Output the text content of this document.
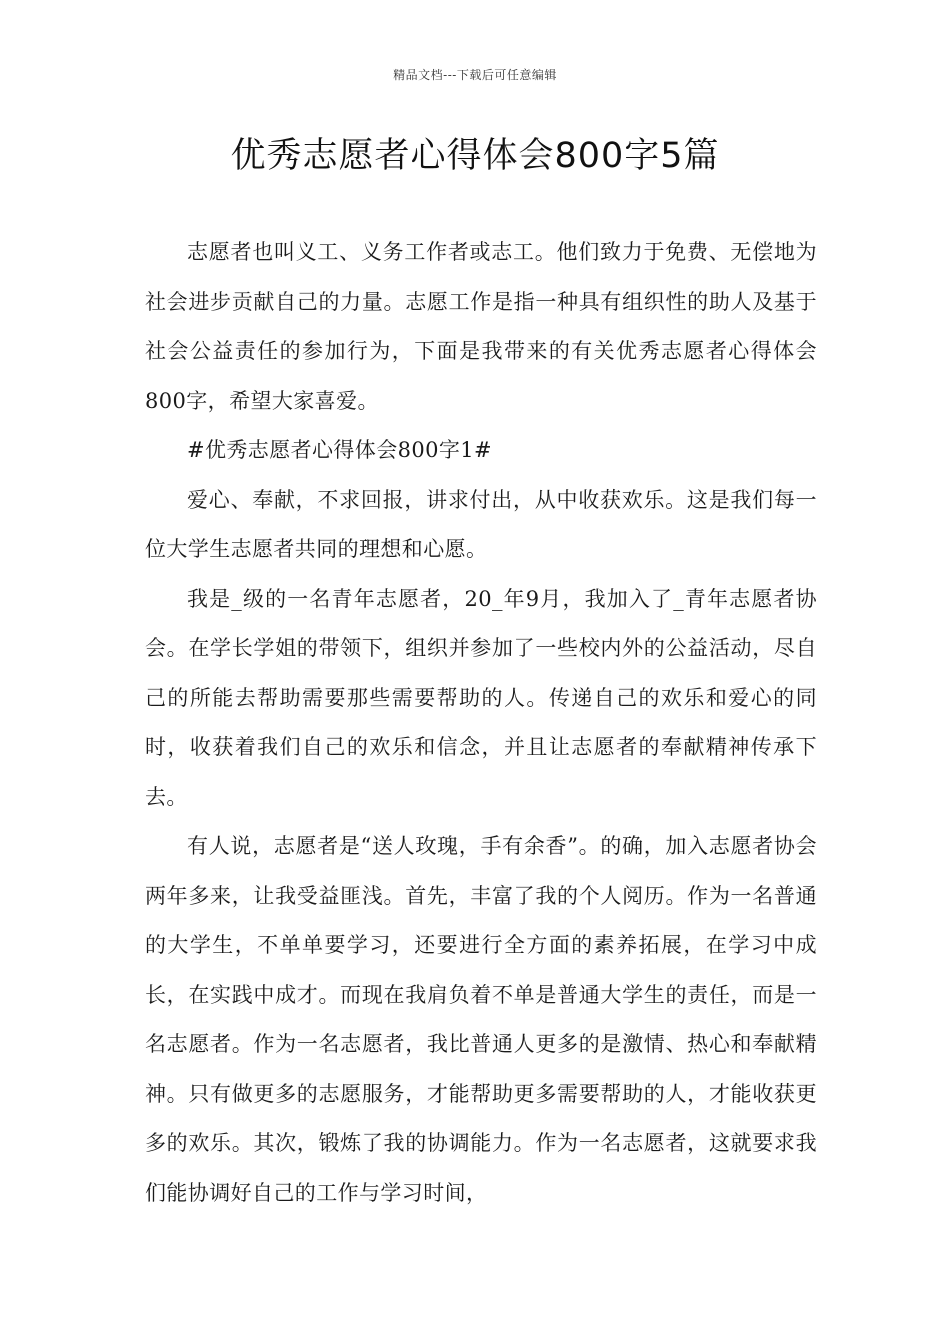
精品文档---下载后可任意编辑
优秀志愿者心得体会800字5篇

志愿者也叫义工、义务工作者或志工。他们致力于免费、无偿地为社会进步贡献自己的力量。志愿工作是指一种具有组织性的助人及基于社会公益责任的参加行为，下面是我带来的有关优秀志愿者心得体会800字，希望大家喜爱。

#优秀志愿者心得体会800字1#

爱心、奉献，不求回报，讲求付出，从中收获欢乐。这是我们每一位大学生志愿者共同的理想和心愿。

我是_级的一名青年志愿者，20_年9月，我加入了_青年志愿者协会。在学长学姐的带领下，组织并参加了一些校内外的公益活动，尽自己的所能去帮助需要那些需要帮助的人。传递自己的欢乐和爱心的同时，收获着我们自己的欢乐和信念，并且让志愿者的奉献精神传承下去。

有人说，志愿者是“送人玫瑰，手有余香”。的确，加入志愿者协会两年多来，让我受益匪浅。首先，丰富了我的个人阅历。作为一名普通的大学生，不单单要学习，还要进行全方面的素养拓展，在学习中成长，在实践中成才。而现在我肩负着不单是普通大学生的责任，而是一名志愿者。作为一名志愿者，我比普通人更多的是激情、热心和奉献精神。只有做更多的志愿服务，才能帮助更多需要帮助的人，才能收获更多的欢乐。其次，锻炼了我的协调能力。作为一名志愿者，这就要求我们能协调好自己的工作与学习时间，
